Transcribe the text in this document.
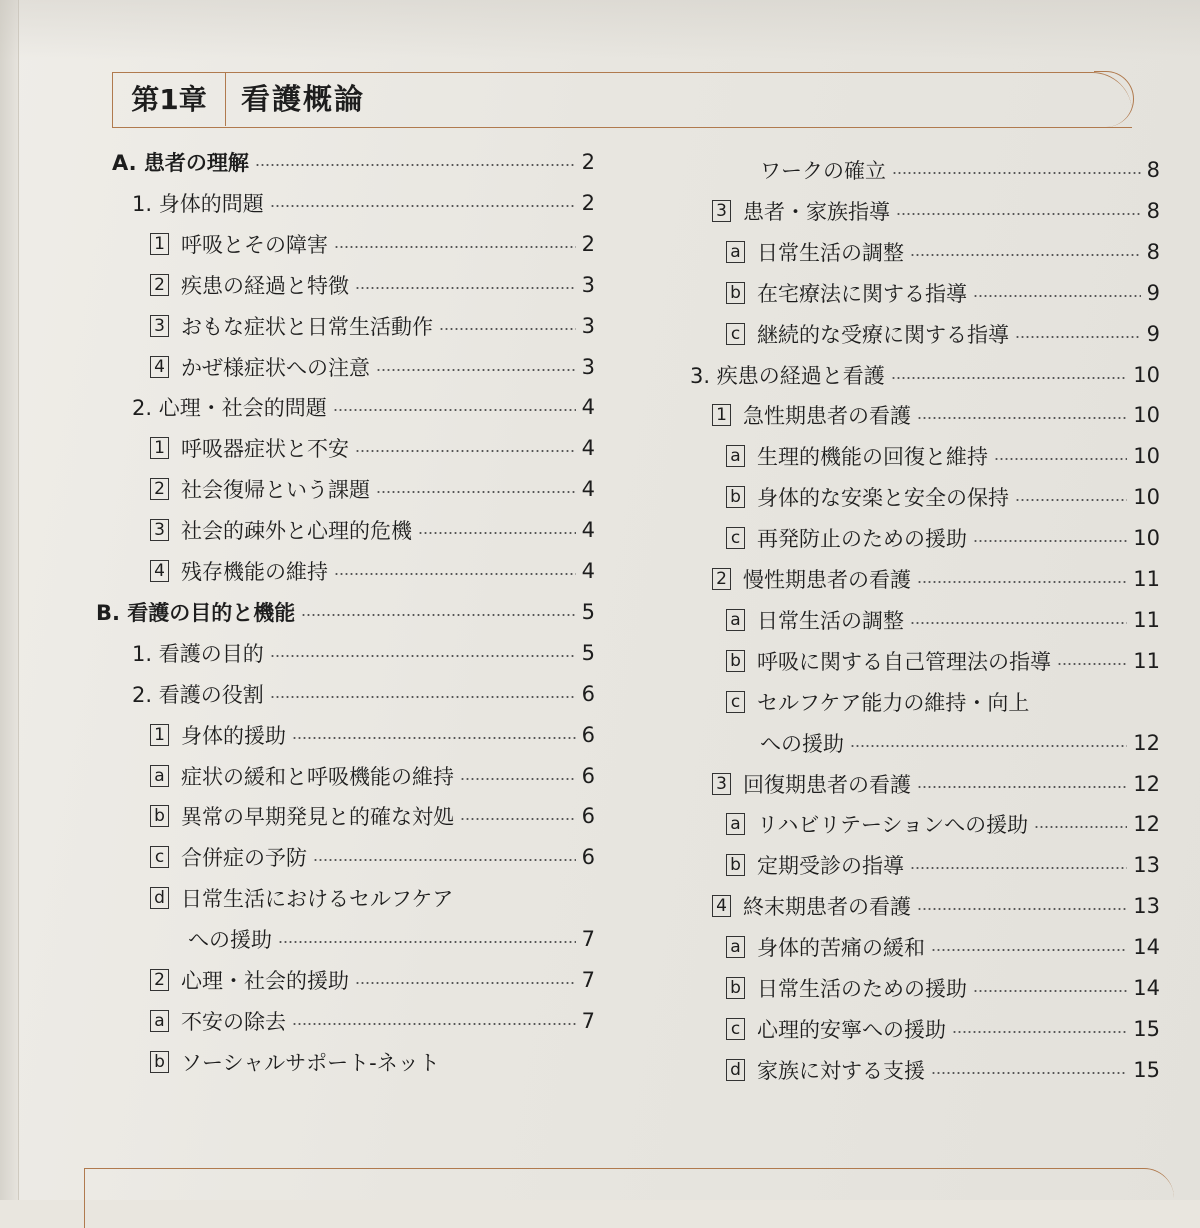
第1章	看護概論
A. 患者の理解	2
1. 身体的問題	2
1 呼吸とその障害	2
2 疾患の経過と特徴	3
3 おもな症状と日常生活動作	3
4 かぜ様症状への注意	3
2. 心理・社会的問題	4
1 呼吸器症状と不安	4
2 社会復帰という課題	4
3 社会的疎外と心理的危機	4
4 残存機能の維持	4
B. 看護の目的と機能	5
1. 看護の目的	5
2. 看護の役割	6
1 身体的援助	6
a 症状の緩和と呼吸機能の維持	6
b 異常の早期発見と的確な対処	6
c 合併症の予防	6
d 日常生活におけるセルフケア
への援助	7
2 心理・社会的援助	7
a 不安の除去	7
b ソーシャルサポート-ネット
ワークの確立	8
3 患者・家族指導	8
a 日常生活の調整	8
b 在宅療法に関する指導	9
c 継続的な受療に関する指導	9
3. 疾患の経過と看護	10
1 急性期患者の看護	10
a 生理的機能の回復と維持	10
b 身体的な安楽と安全の保持	10
c 再発防止のための援助	10
2 慢性期患者の看護	11
a 日常生活の調整	11
b 呼吸に関する自己管理法の指導	11
c セルフケア能力の維持・向上
への援助	12
3 回復期患者の看護	12
a リハビリテーションへの援助	12
b 定期受診の指導	13
4 終末期患者の看護	13
a 身体的苦痛の緩和	14
b 日常生活のための援助	14
c 心理的安寧への援助	15
d 家族に対する支援	15
